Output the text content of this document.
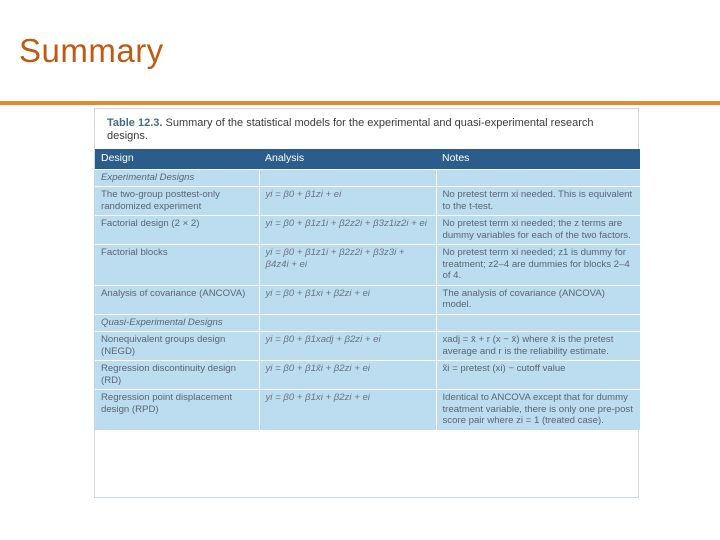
Summary
Table 12.3. Summary of the statistical models for the experimental and quasi-experimental research designs.
Design	Analysis	Notes
Experimental Designs		
The two-group posttest-only randomized experiment	yi = β0 + β1zi + ei	No pretest term xi needed. This is equivalent to the t-test.
Factorial design (2 × 2)	yi = β0 + β1z1i + β2z2i + β3z1iz2i + ei	No pretest term xi needed; the z terms are dummy variables for each of the two factors.
Factorial blocks	yi = β0 + β1z1i + β2z2i + β3z3i + β4z4i + ei	No pretest term xi needed; z1 is dummy for treatment; z2–4 are dummies for blocks 2–4 of 4.
Analysis of covariance (ANCOVA)	yi = β0 + β1xi + β2zi + ei	The analysis of covariance (ANCOVA) model.
Quasi-Experimental Designs		
Nonequivalent groups design (NEGD)	yi = β0 + β1xadj + β2zi + ei	xadj = x̄ + r (x − x̄) where x̄ is the pretest average and r is the reliability estimate.
Regression discontinuity design (RD)	yi = β0 + β1x̃i + β2zi + ei	x̃i = pretest (xi) − cutoff value
Regression point displacement design (RPD)	yi = β0 + β1xi + β2zi + ei	Identical to ANCOVA except that for dummy treatment variable, there is only one pre-post score pair where zi = 1 (treated case).
